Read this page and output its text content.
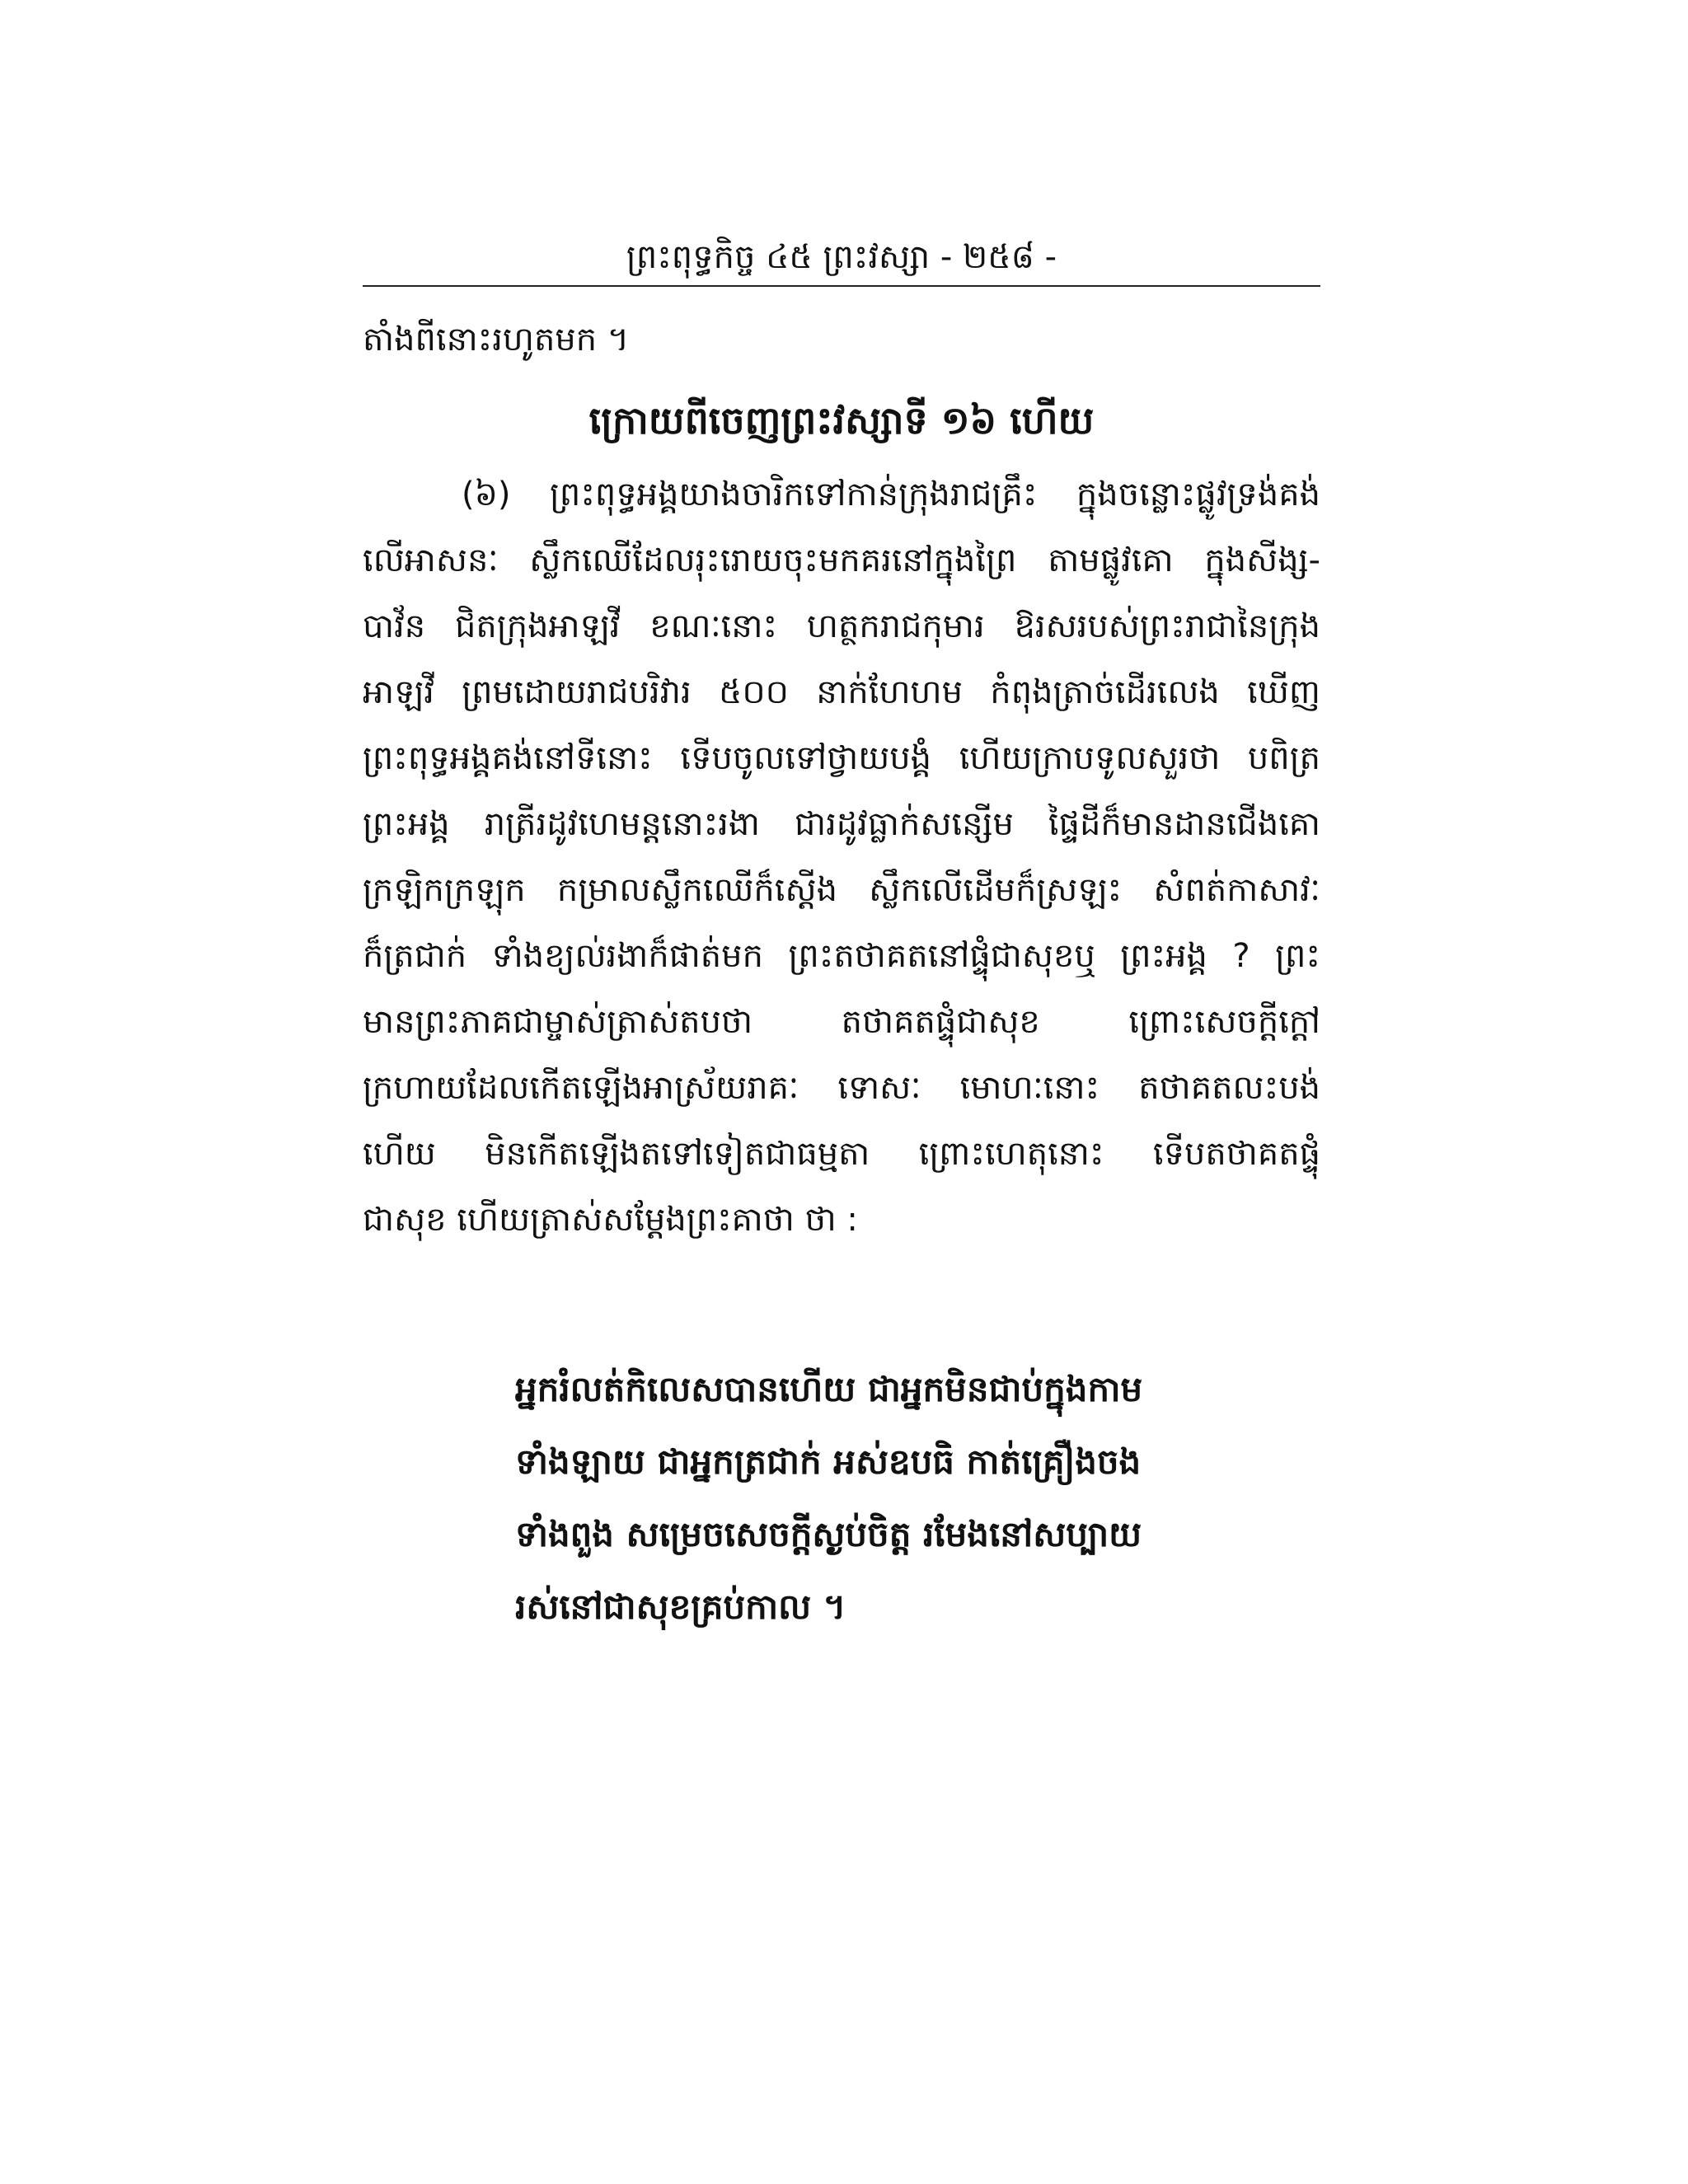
ព្រះពុទ្ធកិច្ច ៤៥ ព្រះវស្សា - ២៥៨ -
តាំងពីនោះរហូតមក ។
ក្រោយពីចេញព្រះវស្សាទី ១៦ ហើយ
(៦) ព្រះពុទ្ធអង្គយាងចារិកទៅកាន់ក្រុងរាជគ្រឹះ ក្នុងចន្លោះផ្លូវទ្រង់គង់
លើអាសនៈ ស្លឹកឈើដែលរុះរោយចុះមកគរនៅក្នុងព្រៃ តាមផ្លូវគោ ក្នុងសីង្ស-
បាវ័ន ជិតក្រុងអាឡវី ខណៈនោះ ហត្ថករាជកុមារ ឱរសរបស់ព្រះរាជានៃក្រុង
អាឡវី ព្រមដោយរាជបរិវារ ៥០០ នាក់ហែហម កំពុងត្រាច់ដើរលេង ឃើញ
ព្រះពុទ្ធអង្គគង់នៅទីនោះ ទើបចូលទៅថ្វាយបង្គំ ហើយក្រាបទូលសួរថា បពិត្រ
ព្រះអង្គ រាត្រីរដូវហេមន្តនោះរងា ជារដូវធ្លាក់សន្សើម ផ្ទៃដីក៏មានដានជើងគោ
ក្រឡិកក្រឡុក កម្រាលស្លឹកឈើក៏ស្តើង ស្លឹកលើដើមក៏ស្រឡះ សំពត់កាសាវៈ
ក៏ត្រជាក់ ទាំងខ្យល់រងាក៏ផាត់មក ព្រះតថាគតនៅផ្ទុំជាសុខឬ ព្រះអង្គ ? ព្រះ
មានព្រះភាគជាម្ចាស់ត្រាស់តបថា តថាគតផ្ទុំជាសុខ ព្រោះសេចក្តីក្តៅ
ក្រហាយដែលកើតឡើងអាស្រ័យរាគៈ ទោសៈ មោហៈនោះ តថាគតលះបង់
ហើយ មិនកើតឡើងតទៅទៀតជាធម្មតា ព្រោះហេតុនោះ ទើបតថាគតផ្ទុំ
ជាសុខ ហើយត្រាស់សម្តែងព្រះគាថា ថា :
អ្នករំលត់កិលេសបានហើយ ជាអ្នកមិនជាប់ក្នុងកាម
ទាំងឡាយ ជាអ្នកត្រជាក់ អស់ឧបធិ កាត់គ្រឿងចង
ទាំងពួង សម្រេចសេចក្តីស្ងប់ចិត្ត រមែងនៅសប្បាយ
រស់នៅជាសុខគ្រប់កាល ។
